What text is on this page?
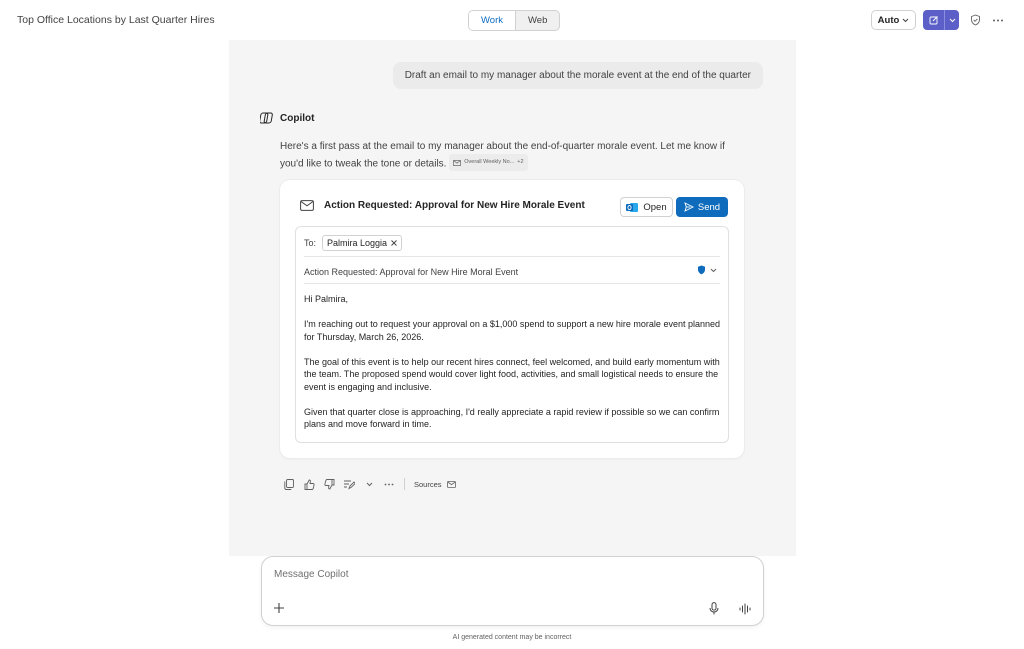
Top Office Locations by Last Quarter Hires	Work	Web	Auto
Draft an email to my manager about the morale event at the end of the quarter
Copilot
Here's a first pass at the email to my manager about the end-of-quarter morale event. Let me know if you'd like to tweak the tone or details.	Overall Weekly No... +2
Action Requested: Approval for New Hire Morale Event	Open	Send
To: Palmira Loggia
Action Requested: Approval for New Hire Moral Event

Hi Palmira,

I'm reaching out to request your approval on a $1,000 spend to support a new hire morale event planned for Thursday, March 26, 2026.

The goal of this event is to help our recent hires connect, feel welcomed, and build early momentum with the team. The proposed spend would cover light food, activities, and small logistical needs to ensure the event is engaging and inclusive.

Given that quarter close is approaching, I'd really appreciate a rapid review if possible so we can confirm plans and move forward in time.

Sources
Message Copilot
AI generated content may be incorrect
